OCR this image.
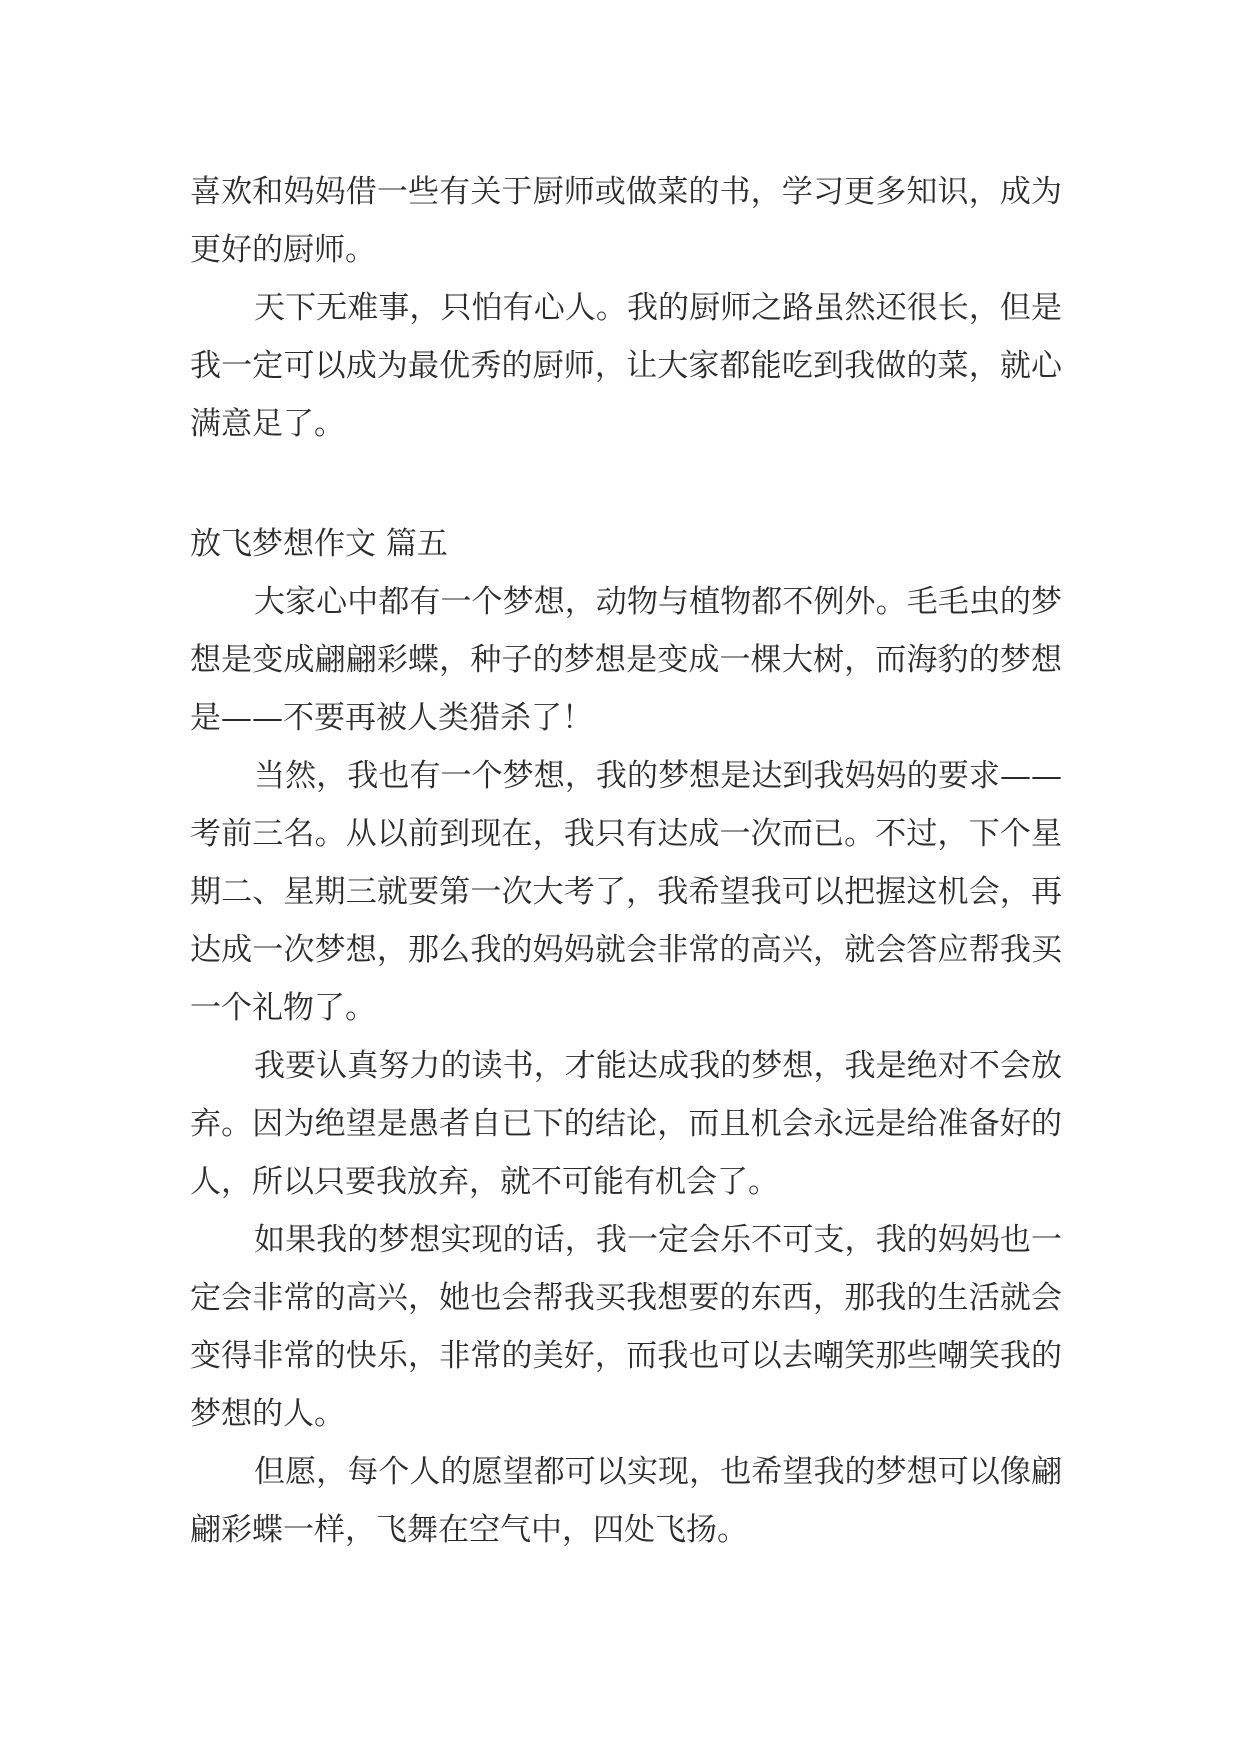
喜欢和妈妈借一些有关于厨师或做菜的书，学习更多知识，成为更好的厨师。

天下无难事，只怕有心人。我的厨师之路虽然还很长，但是我一定可以成为最优秀的厨师，让大家都能吃到我做的菜，就心满意足了。

放飞梦想作文 篇五

大家心中都有一个梦想，动物与植物都不例外。毛毛虫的梦想是变成翩翩彩蝶，种子的梦想是变成一棵大树，而海豹的梦想是——不要再被人类猎杀了！

当然，我也有一个梦想，我的梦想是达到我妈妈的要求——考前三名。从以前到现在，我只有达成一次而已。不过，下个星期二、星期三就要第一次大考了，我希望我可以把握这机会，再达成一次梦想，那么我的妈妈就会非常的高兴，就会答应帮我买一个礼物了。

我要认真努力的读书，才能达成我的梦想，我是绝对不会放弃。因为绝望是愚者自已下的结论，而且机会永远是给准备好的人，所以只要我放弃，就不可能有机会了。

如果我的梦想实现的话，我一定会乐不可支，我的妈妈也一定会非常的高兴，她也会帮我买我想要的东西，那我的生活就会变得非常的快乐，非常的美好，而我也可以去嘲笑那些嘲笑我的梦想的人。

但愿，每个人的愿望都可以实现，也希望我的梦想可以像翩翩彩蝶一样，飞舞在空气中，四处飞扬。
